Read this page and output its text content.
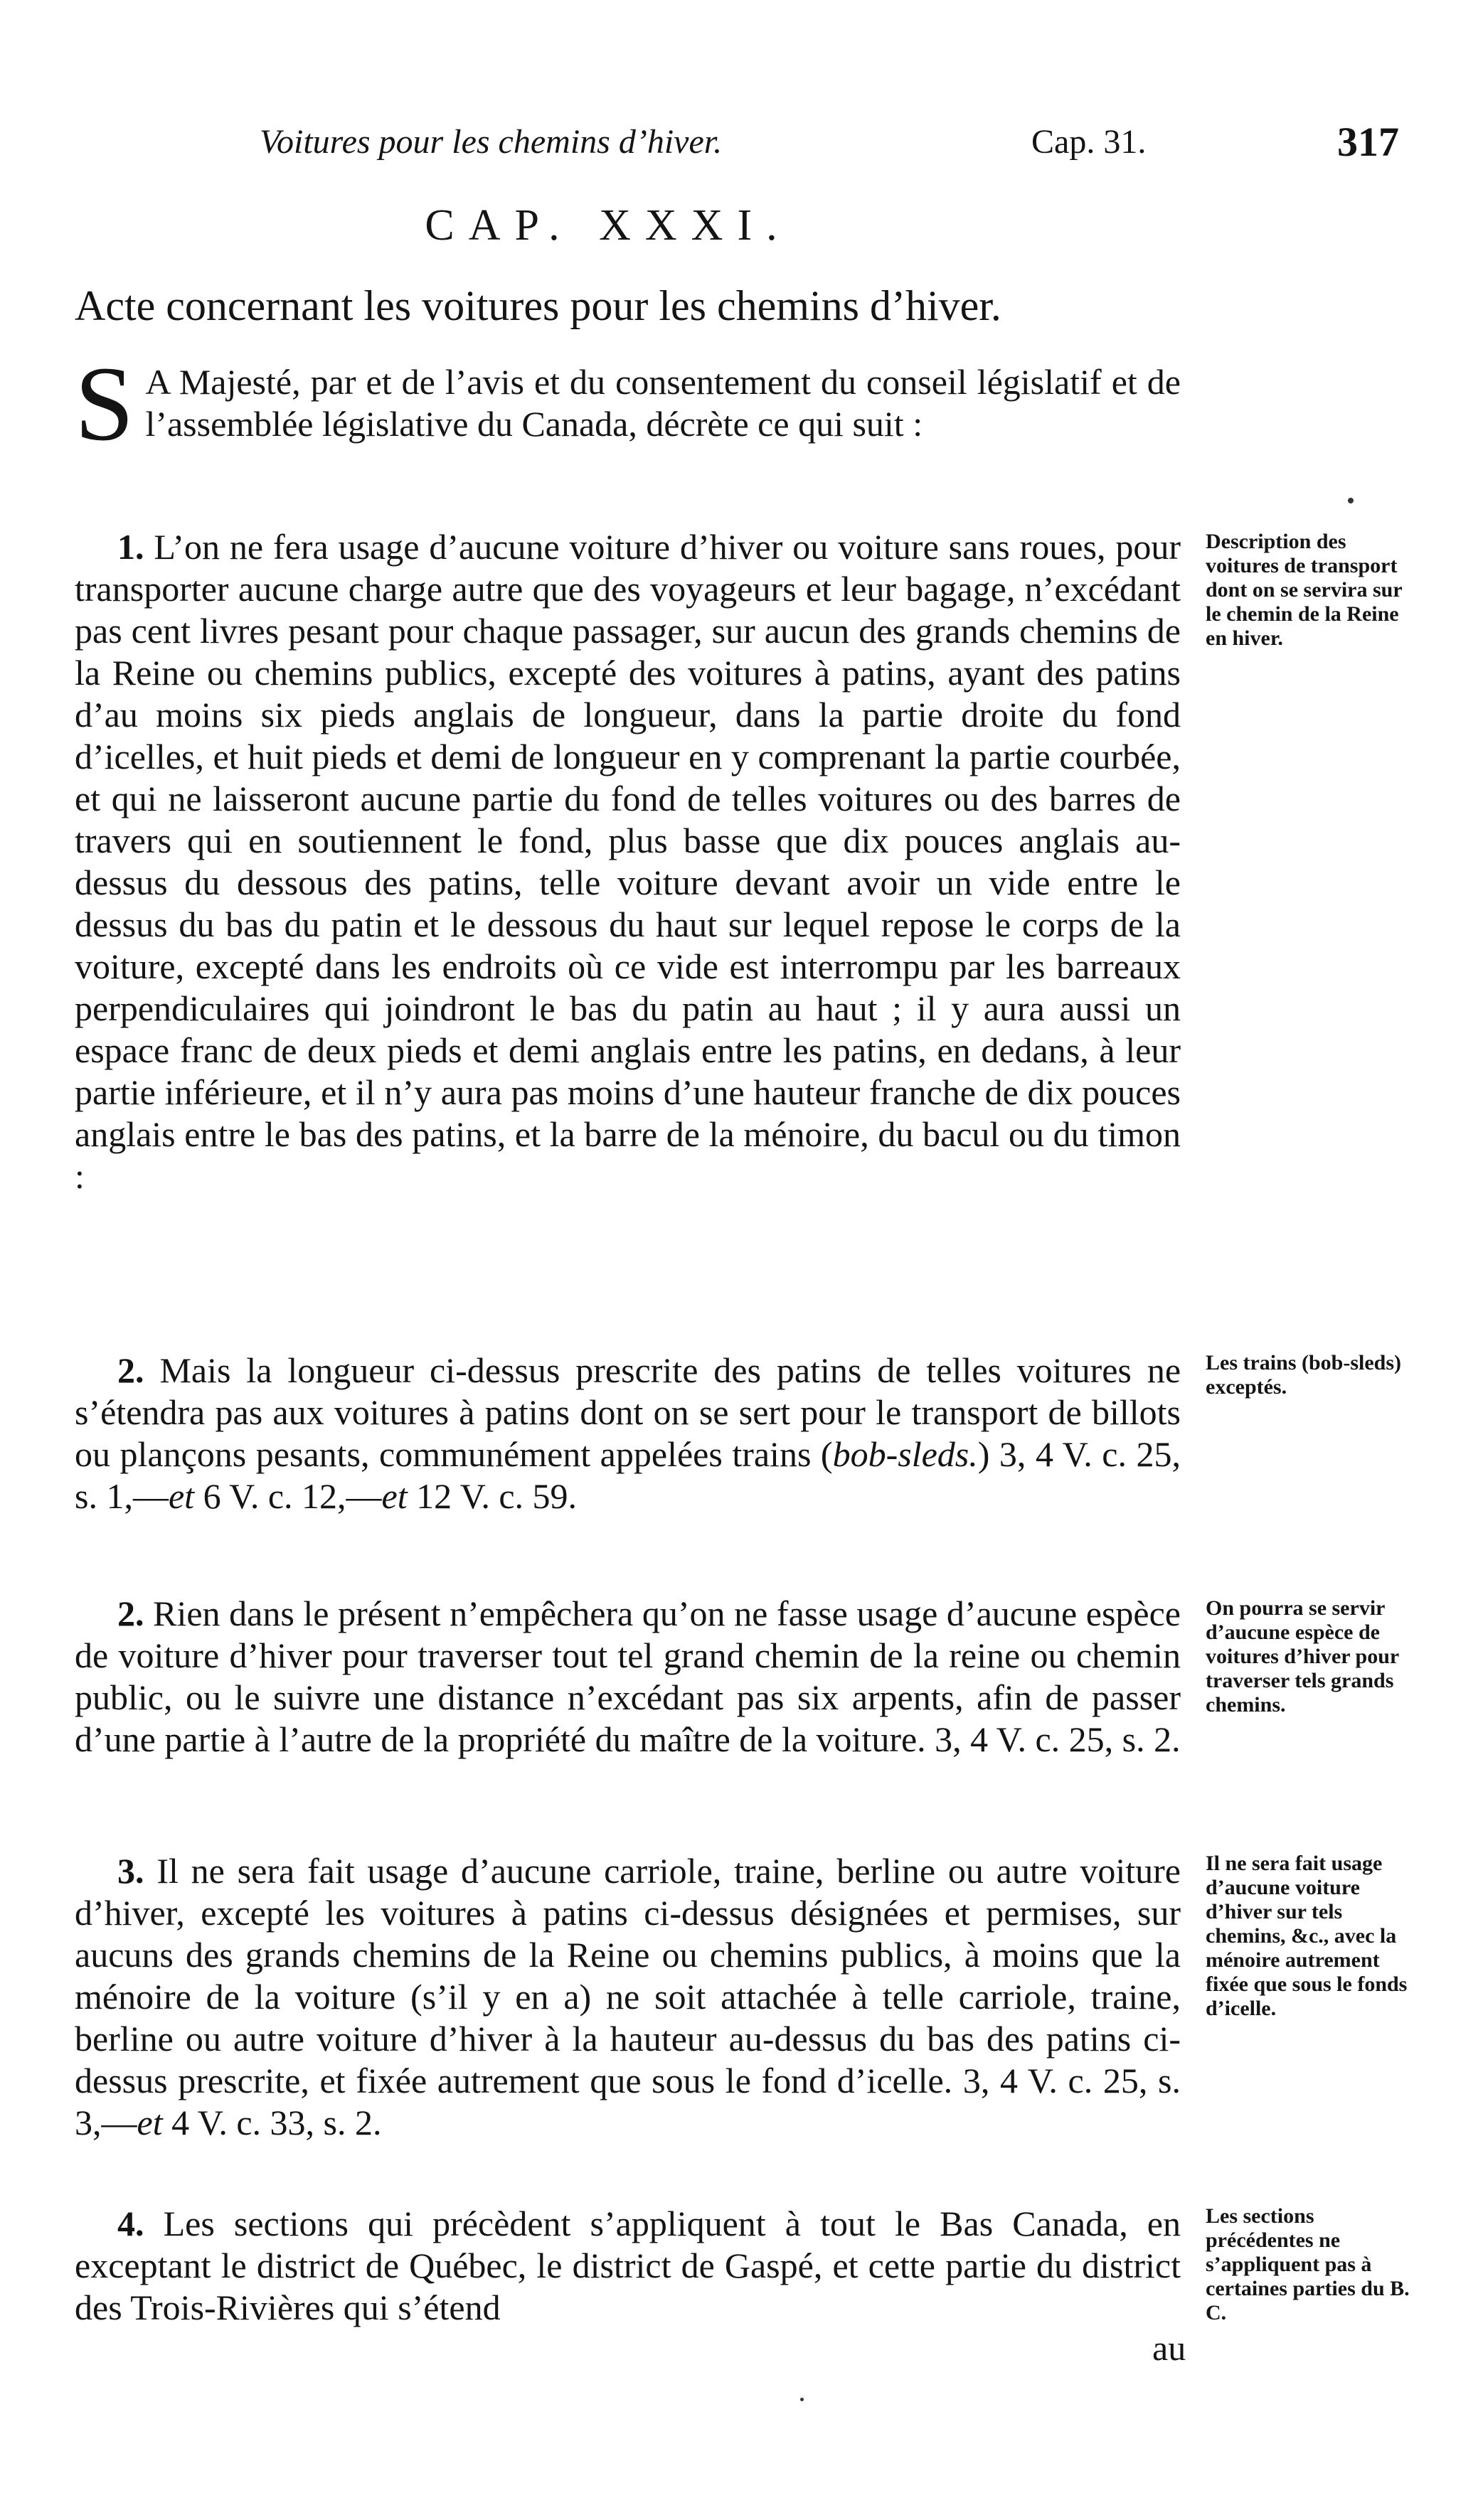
Voitures pour les chemins d’hiver.	Cap. 31.	317
CAP. XXXI.
Acte concernant les voitures pour les chemins d’hiver.
S A Majesté, par et de l’avis et du consentement du conseil législatif et de l’assemblée législative du Canada, décrète ce qui suit :
1. L’on ne fera usage d’aucune voiture d’hiver ou voiture sans roues, pour transporter aucune charge autre que des voyageurs et leur bagage, n’excédant pas cent livres pesant pour chaque passager, sur aucun des grands chemins de la Reine ou chemins publics, excepté des voitures à patins, ayant des patins d’au moins six pieds anglais de longueur, dans la partie droite du fond d’icelles, et huit pieds et demi de longueur en y comprenant la partie courbée, et qui ne laisseront aucune partie du fond de telles voitures ou des barres de travers qui en soutiennent le fond, plus basse que dix pouces anglais au-dessus du dessous des patins, telle voiture devant avoir un vide entre le dessus du bas du patin et le dessous du haut sur lequel repose le corps de la voiture, excepté dans les endroits où ce vide est interrompu par les barreaux perpendiculaires qui joindront le bas du patin au haut ; il y aura aussi un espace franc de deux pieds et demi anglais entre les patins, en dedans, à leur partie inférieure, et il n’y aura pas moins d’une hauteur franche de dix pouces anglais entre le bas des patins, et la barre de la ménoire, du bacul ou du timon :
Description des voitures de transport dont on se servira sur le chemin de la Reine en hiver.
2. Mais la longueur ci-dessus prescrite des patins de telles voitures ne s’étendra pas aux voitures à patins dont on se sert pour le transport de billots ou plançons pesants, communément appelées trains (bob-sleds.) 3, 4 V. c. 25, s. 1,—et 6 V. c. 12,—et 12 V. c. 59.
Les trains (bob-sleds) exceptés.
2. Rien dans le présent n’empêchera qu’on ne fasse usage d’aucune espèce de voiture d’hiver pour traverser tout tel grand chemin de la reine ou chemin public, ou le suivre une distance n’excédant pas six arpents, afin de passer d’une partie à l’autre de la propriété du maître de la voiture. 3, 4 V. c. 25, s. 2.
On pourra se servir d’aucune espèce de voitures d’hiver pour traverser tels grands chemins.
3. Il ne sera fait usage d’aucune carriole, traine, berline ou autre voiture d’hiver, excepté les voitures à patins ci-dessus désignées et permises, sur aucuns des grands chemins de la Reine ou chemins publics, à moins que la ménoire de la voiture (s’il y en a) ne soit attachée à telle carriole, traine, berline ou autre voiture d’hiver à la hauteur au-dessus du bas des patins ci-dessus prescrite, et fixée autrement que sous le fond d’icelle. 3, 4 V. c. 25, s. 3,—et 4 V. c. 33, s. 2.
Il ne sera fait usage d’aucune voiture d’hiver sur tels chemins, &c., avec la ménoire autrement fixée que sous le fonds d’icelle.
4. Les sections qui précèdent s’appliquent à tout le Bas Canada, en exceptant le district de Québec, le district de Gaspé, et cette partie du district des Trois-Rivières qui s’étend
Les sections précédentes ne s’appliquent pas à certaines parties du B. C.
au
